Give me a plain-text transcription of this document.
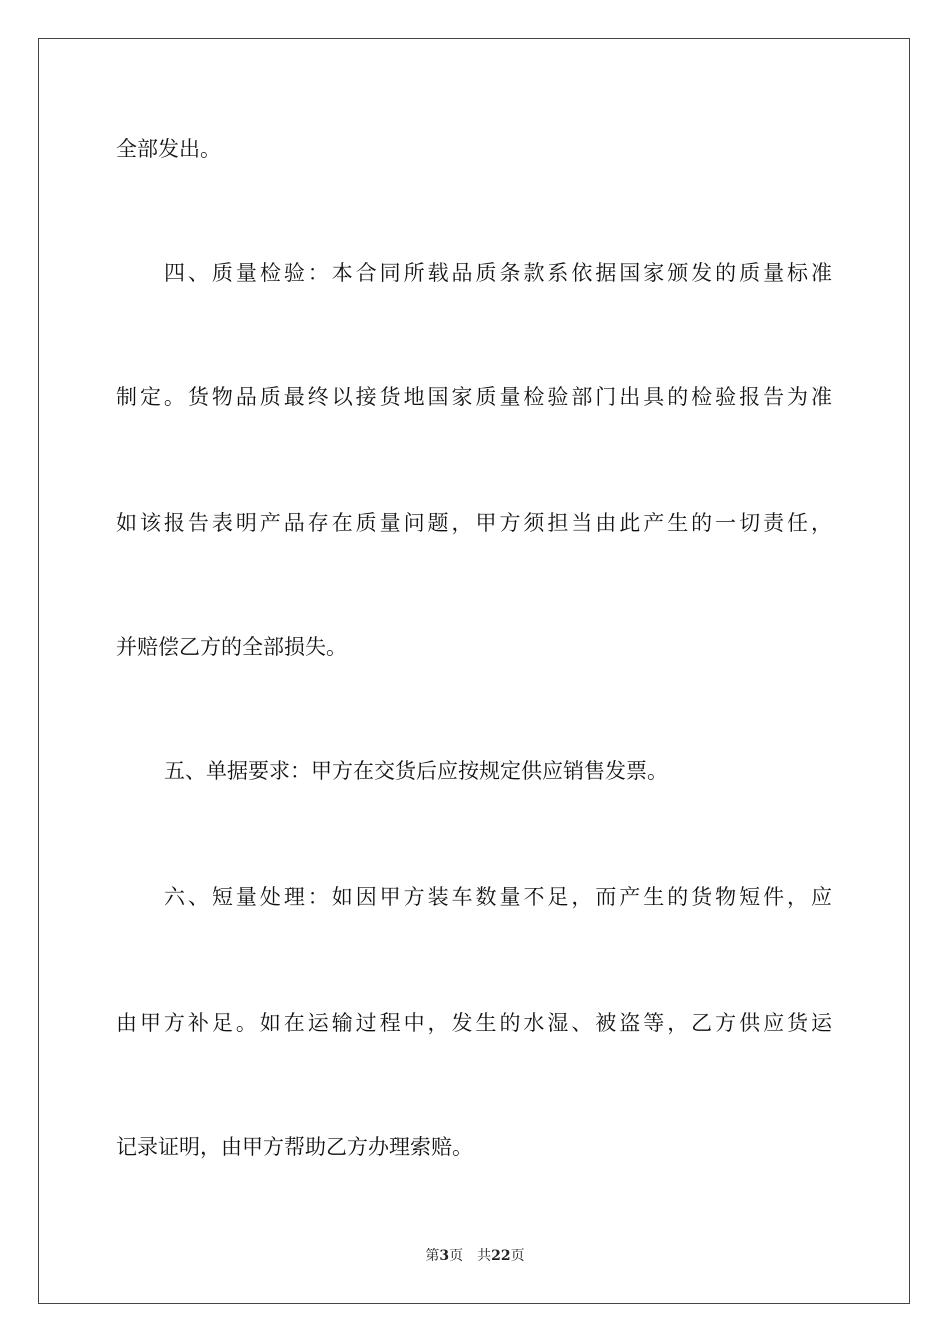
全部发出。
四、质量检验：本合同所载品质条款系依据国家颁发的质量标准
制定。货物品质最终以接货地国家质量检验部门出具的检验报告为准
如该报告表明产品存在质量问题，甲方须担当由此产生的一切责任，
并赔偿乙方的全部损失。
五、单据要求：甲方在交货后应按规定供应销售发票。
六、短量处理：如因甲方装车数量不足，而产生的货物短件，应
由甲方补足。如在运输过程中，发生的水湿、被盗等，乙方供应货运
记录证明，由甲方帮助乙方办理索赔。
第3页 共22页
